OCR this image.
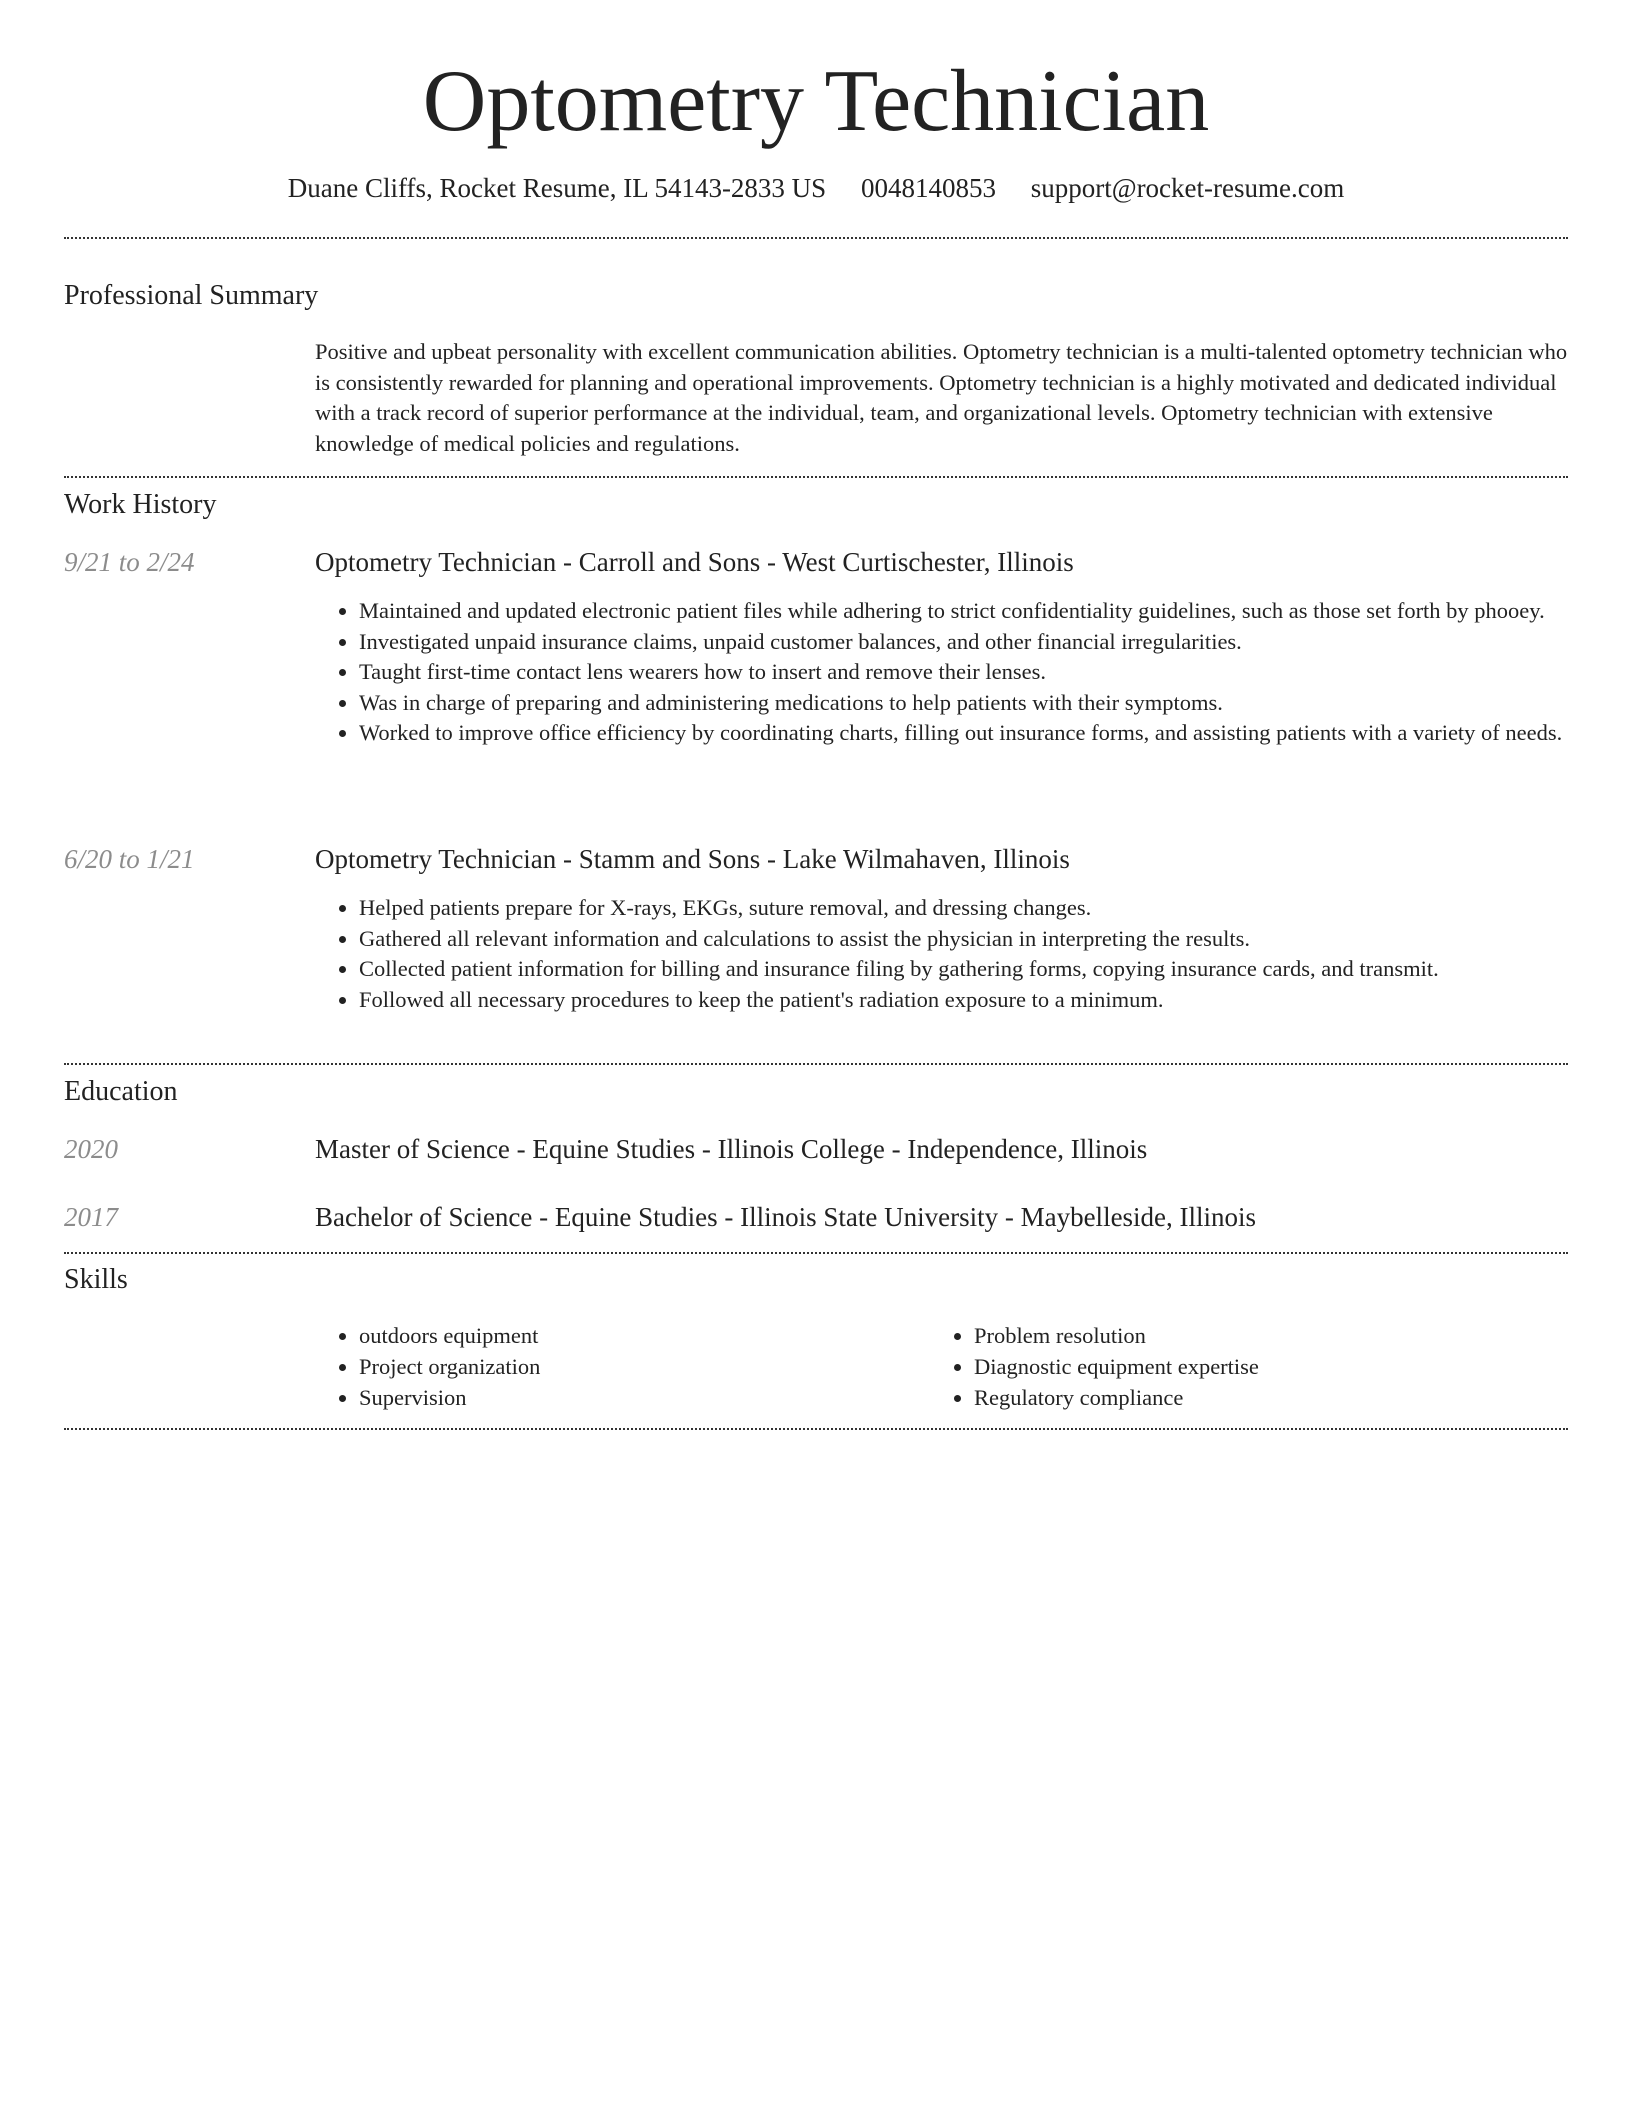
Optometry Technician
Duane Cliffs, Rocket Resume, IL 54143-2833 US 0048140853 support@rocket-resume.com
Professional Summary

Positive and upbeat personality with excellent communication abilities. Optometry technician is a multi-talented optometry technician who is consistently rewarded for planning and operational improvements. Optometry technician is a highly motivated and dedicated individual with a track record of superior performance at the individual, team, and organizational levels. Optometry technician with extensive knowledge of medical policies and regulations.

Work History
9/21 to 2/24	Optometry Technician - Carroll and Sons - West Curtischester, Illinois
• Maintained and updated electronic patient files while adhering to strict confidentiality guidelines, such as those set forth by phooey.
• Investigated unpaid insurance claims, unpaid customer balances, and other financial irregularities.
• Taught first-time contact lens wearers how to insert and remove their lenses.
• Was in charge of preparing and administering medications to help patients with their symptoms.
• Worked to improve office efficiency by coordinating charts, filling out insurance forms, and assisting patients with a variety of needs.
6/20 to 1/21	Optometry Technician - Stamm and Sons - Lake Wilmahaven, Illinois
• Helped patients prepare for X-rays, EKGs, suture removal, and dressing changes.
• Gathered all relevant information and calculations to assist the physician in interpreting the results.
• Collected patient information for billing and insurance filing by gathering forms, copying insurance cards, and transmit.
• Followed all necessary procedures to keep the patient's radiation exposure to a minimum.
Education
2020	Master of Science - Equine Studies - Illinois College - Independence, Illinois
2017	Bachelor of Science - Equine Studies - Illinois State University - Maybelleside, Illinois
Skills
• outdoors equipment
• Project organization
• Supervision
• Problem resolution
• Diagnostic equipment expertise
• Regulatory compliance
